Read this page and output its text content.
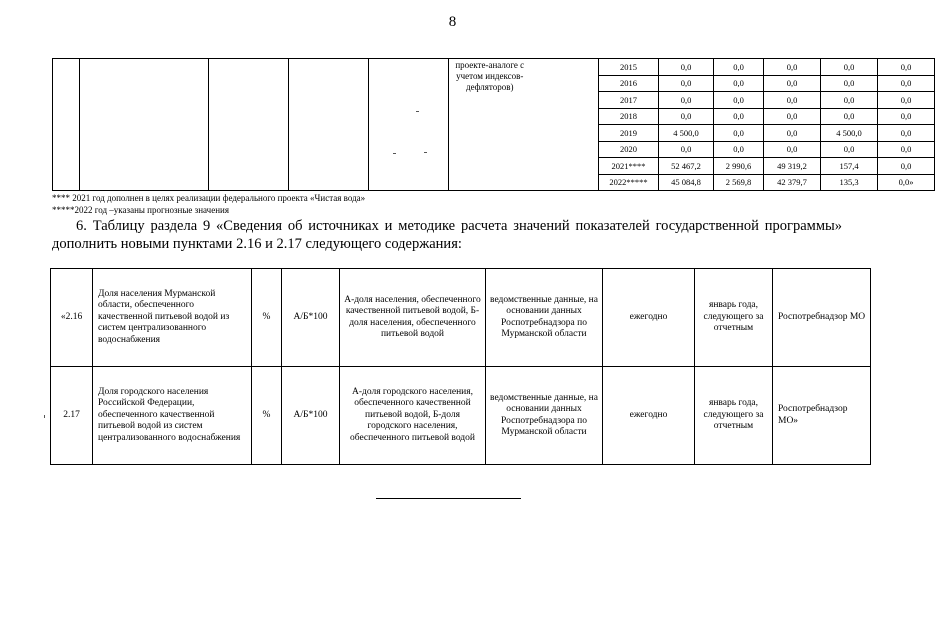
8
					проекте-аналоге с учетом индексов-дефляторов)		2015	0,0	0,0	0,0	0,0	0,0
							2016	0,0	0,0	0,0	0,0	0,0
							2017	0,0	0,0	0,0	0,0	0,0
							2018	0,0	0,0	0,0	0,0	0,0
							2019	4 500,0	0,0	0,0	4 500,0	0,0
							2020	0,0	0,0	0,0	0,0	0,0
							2021****	52 467,2	2 990,6	49 319,2	157,4	0,0
							2022*****	45 084,8	2 569,8	42 379,7	135,3	0,0»
**** 2021 год дополнен в целях реализации федерального проекта «Чистая вода»
*****2022 год –указаны прогнозные значения
6. Таблицу раздела 9 «Сведения об источниках и методике расчета значений показателей государственной программы» дополнить новыми пунктами 2.16 и 2.17 следующего содержания:
«2.16	Доля населения Мурманской области, обеспеченного качественной питьевой водой из систем централизованного водоснабжения	%	А/Б*100	А-доля населения, обеспеченного качественной питьевой водой, Б-доля населения, обеспеченного питьевой водой	ведомственные данные, на основании данных Роспотребнадзора по Мурманской области	ежегодно	январь года, следующего за отчетным	Роспотребнадзор МО
2.17	Доля городского населения Российской Федерации, обеспеченного качественной питьевой водой из систем централизованного водоснабжения	%	А/Б*100	А-доля городского населения, обеспеченного качественной питьевой водой, Б-доля городского населения, обеспеченного питьевой водой	ведомственные данные, на основании данных Роспотребнадзора по Мурманской области	ежегодно	январь года, следующего за отчетным	Роспотребнадзор МО»
